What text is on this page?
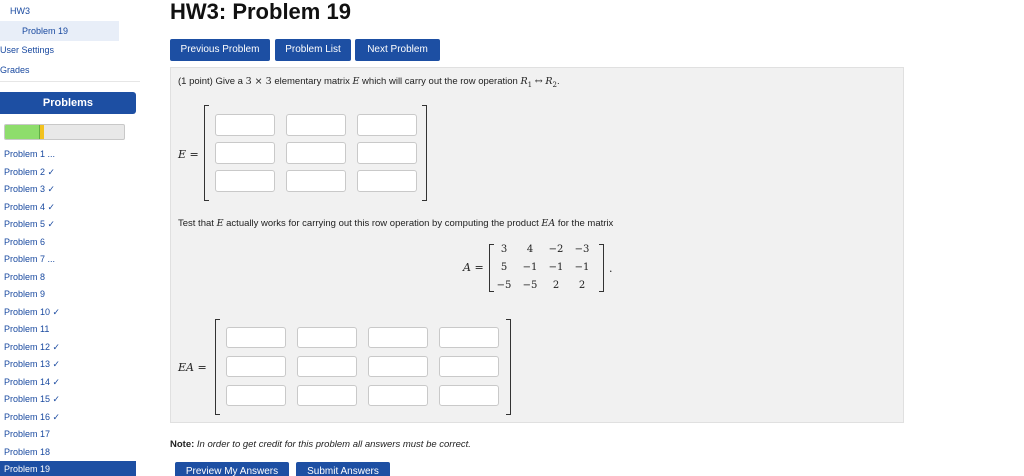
HW3
Problem 19
User Settings
Grades
Problems
Problem 1 ...
Problem 2 ✓
Problem 3 ✓
Problem 4 ✓
Problem 5 ✓
Problem 6
Problem 7 ...
Problem 8
Problem 9
Problem 10 ✓
Problem 11
Problem 12 ✓
Problem 13 ✓
Problem 14 ✓
Problem 15 ✓
Problem 16 ✓
Problem 17
Problem 18
Problem 19
HW3: Problem 19
Previous Problem	Problem List	Next Problem
(1 point) Give a 3 × 3 elementary matrix E which will carry out the row operation $R_1$ ↔ $R_2$.
E =
Test that E actually works for carrying out this row operation by computing the product EA for the matrix
A =
3	4	−2	−3
5	−1	−1	−1
−5	−5	2	2
.
EA =
Note: In order to get credit for this problem all answers must be correct.
Preview My Answers	Submit Answers
